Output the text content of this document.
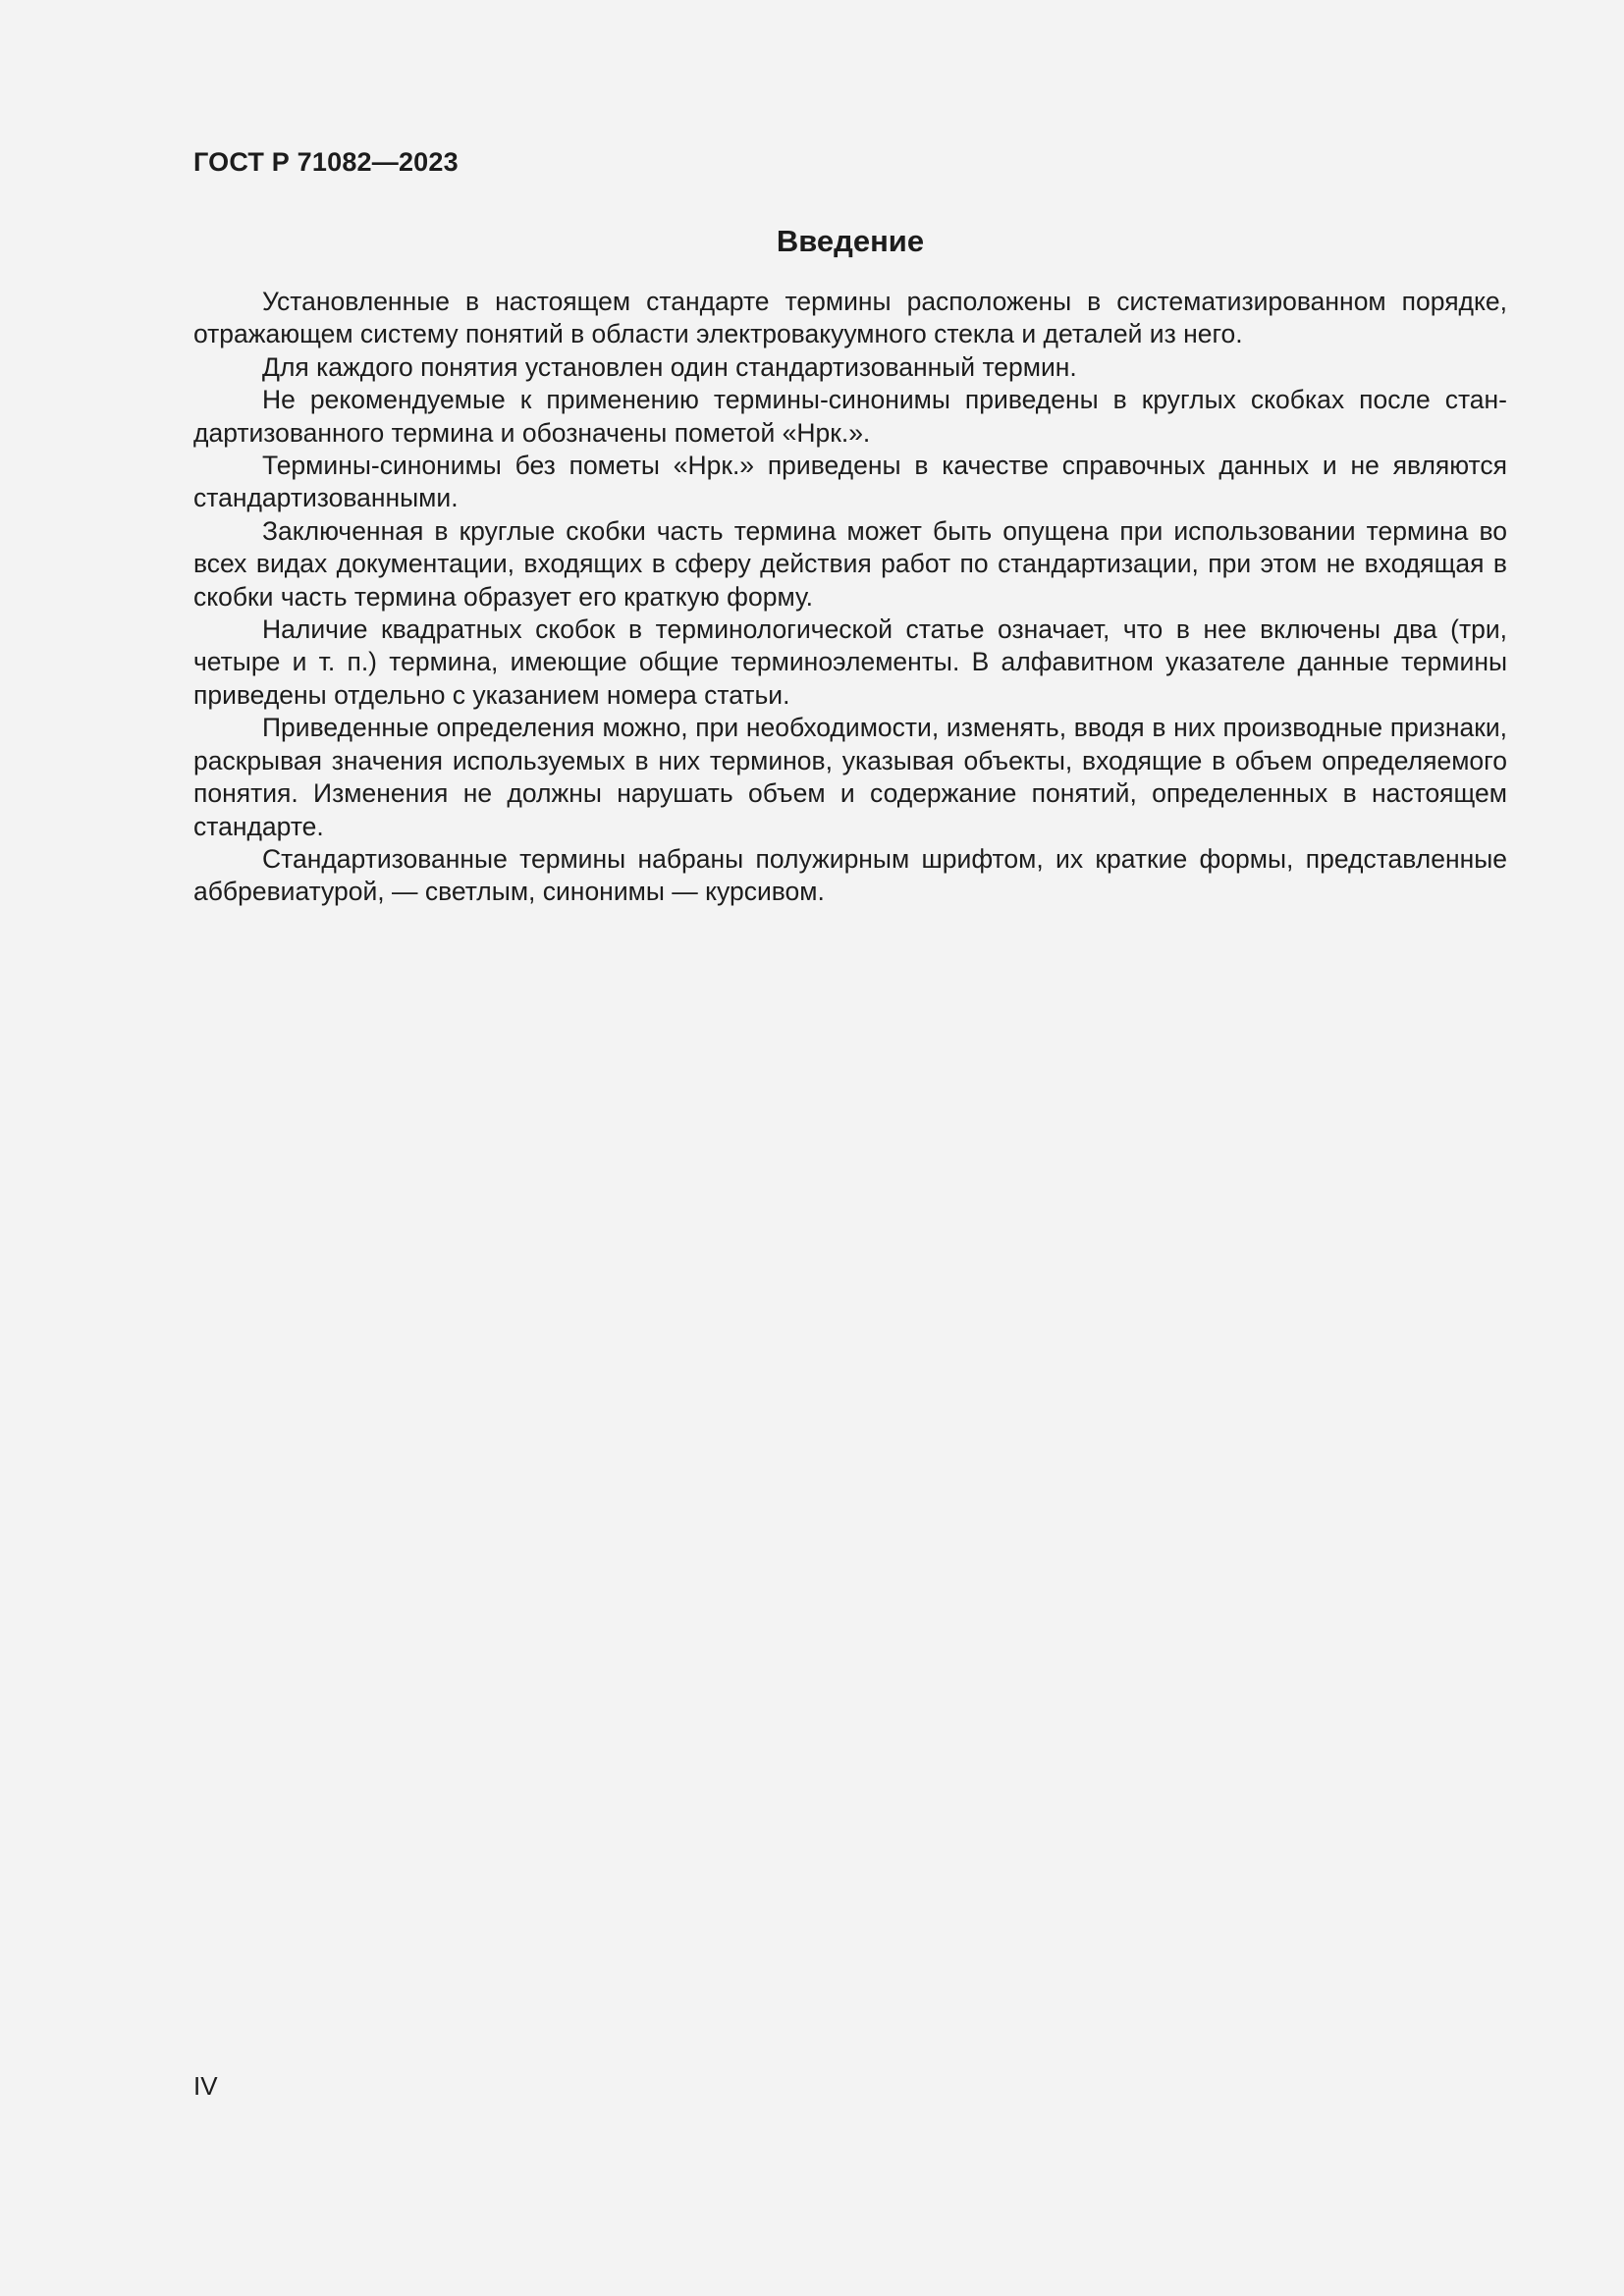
ГОСТ Р 71082—2023
Введение

Установленные в настоящем стандарте термины расположены в систематизированном порядке, отражающем систему понятий в области электровакуумного стекла и деталей из него.

Для каждого понятия установлен один стандартизованный термин.

Не рекомендуемые к применению термины-синонимы приведены в круглых скобках после стандартизованного термина и обозначены пометой «Нрк.».

Термины-синонимы без пометы «Нрк.» приведены в качестве справочных данных и не являются стандартизованными.

Заключенная в круглые скобки часть термина может быть опущена при использовании термина во всех видах документации, входящих в сферу действия работ по стандартизации, при этом не входящая в скобки часть термина образует его краткую форму.

Наличие квадратных скобок в терминологической статье означает, что в нее включены два (три, четыре и т. п.) термина, имеющие общие терминоэлементы. В алфавитном указателе данные термины приведены отдельно с указанием номера статьи.

Приведенные определения можно, при необходимости, изменять, вводя в них производные признаки, раскрывая значения используемых в них терминов, указывая объекты, входящие в объем определяемого понятия. Изменения не должны нарушать объем и содержание понятий, определенных в настоящем стандарте.

Стандартизованные термины набраны полужирным шрифтом, их краткие формы, представленные аббревиатурой, — светлым, синонимы — курсивом.

IV
